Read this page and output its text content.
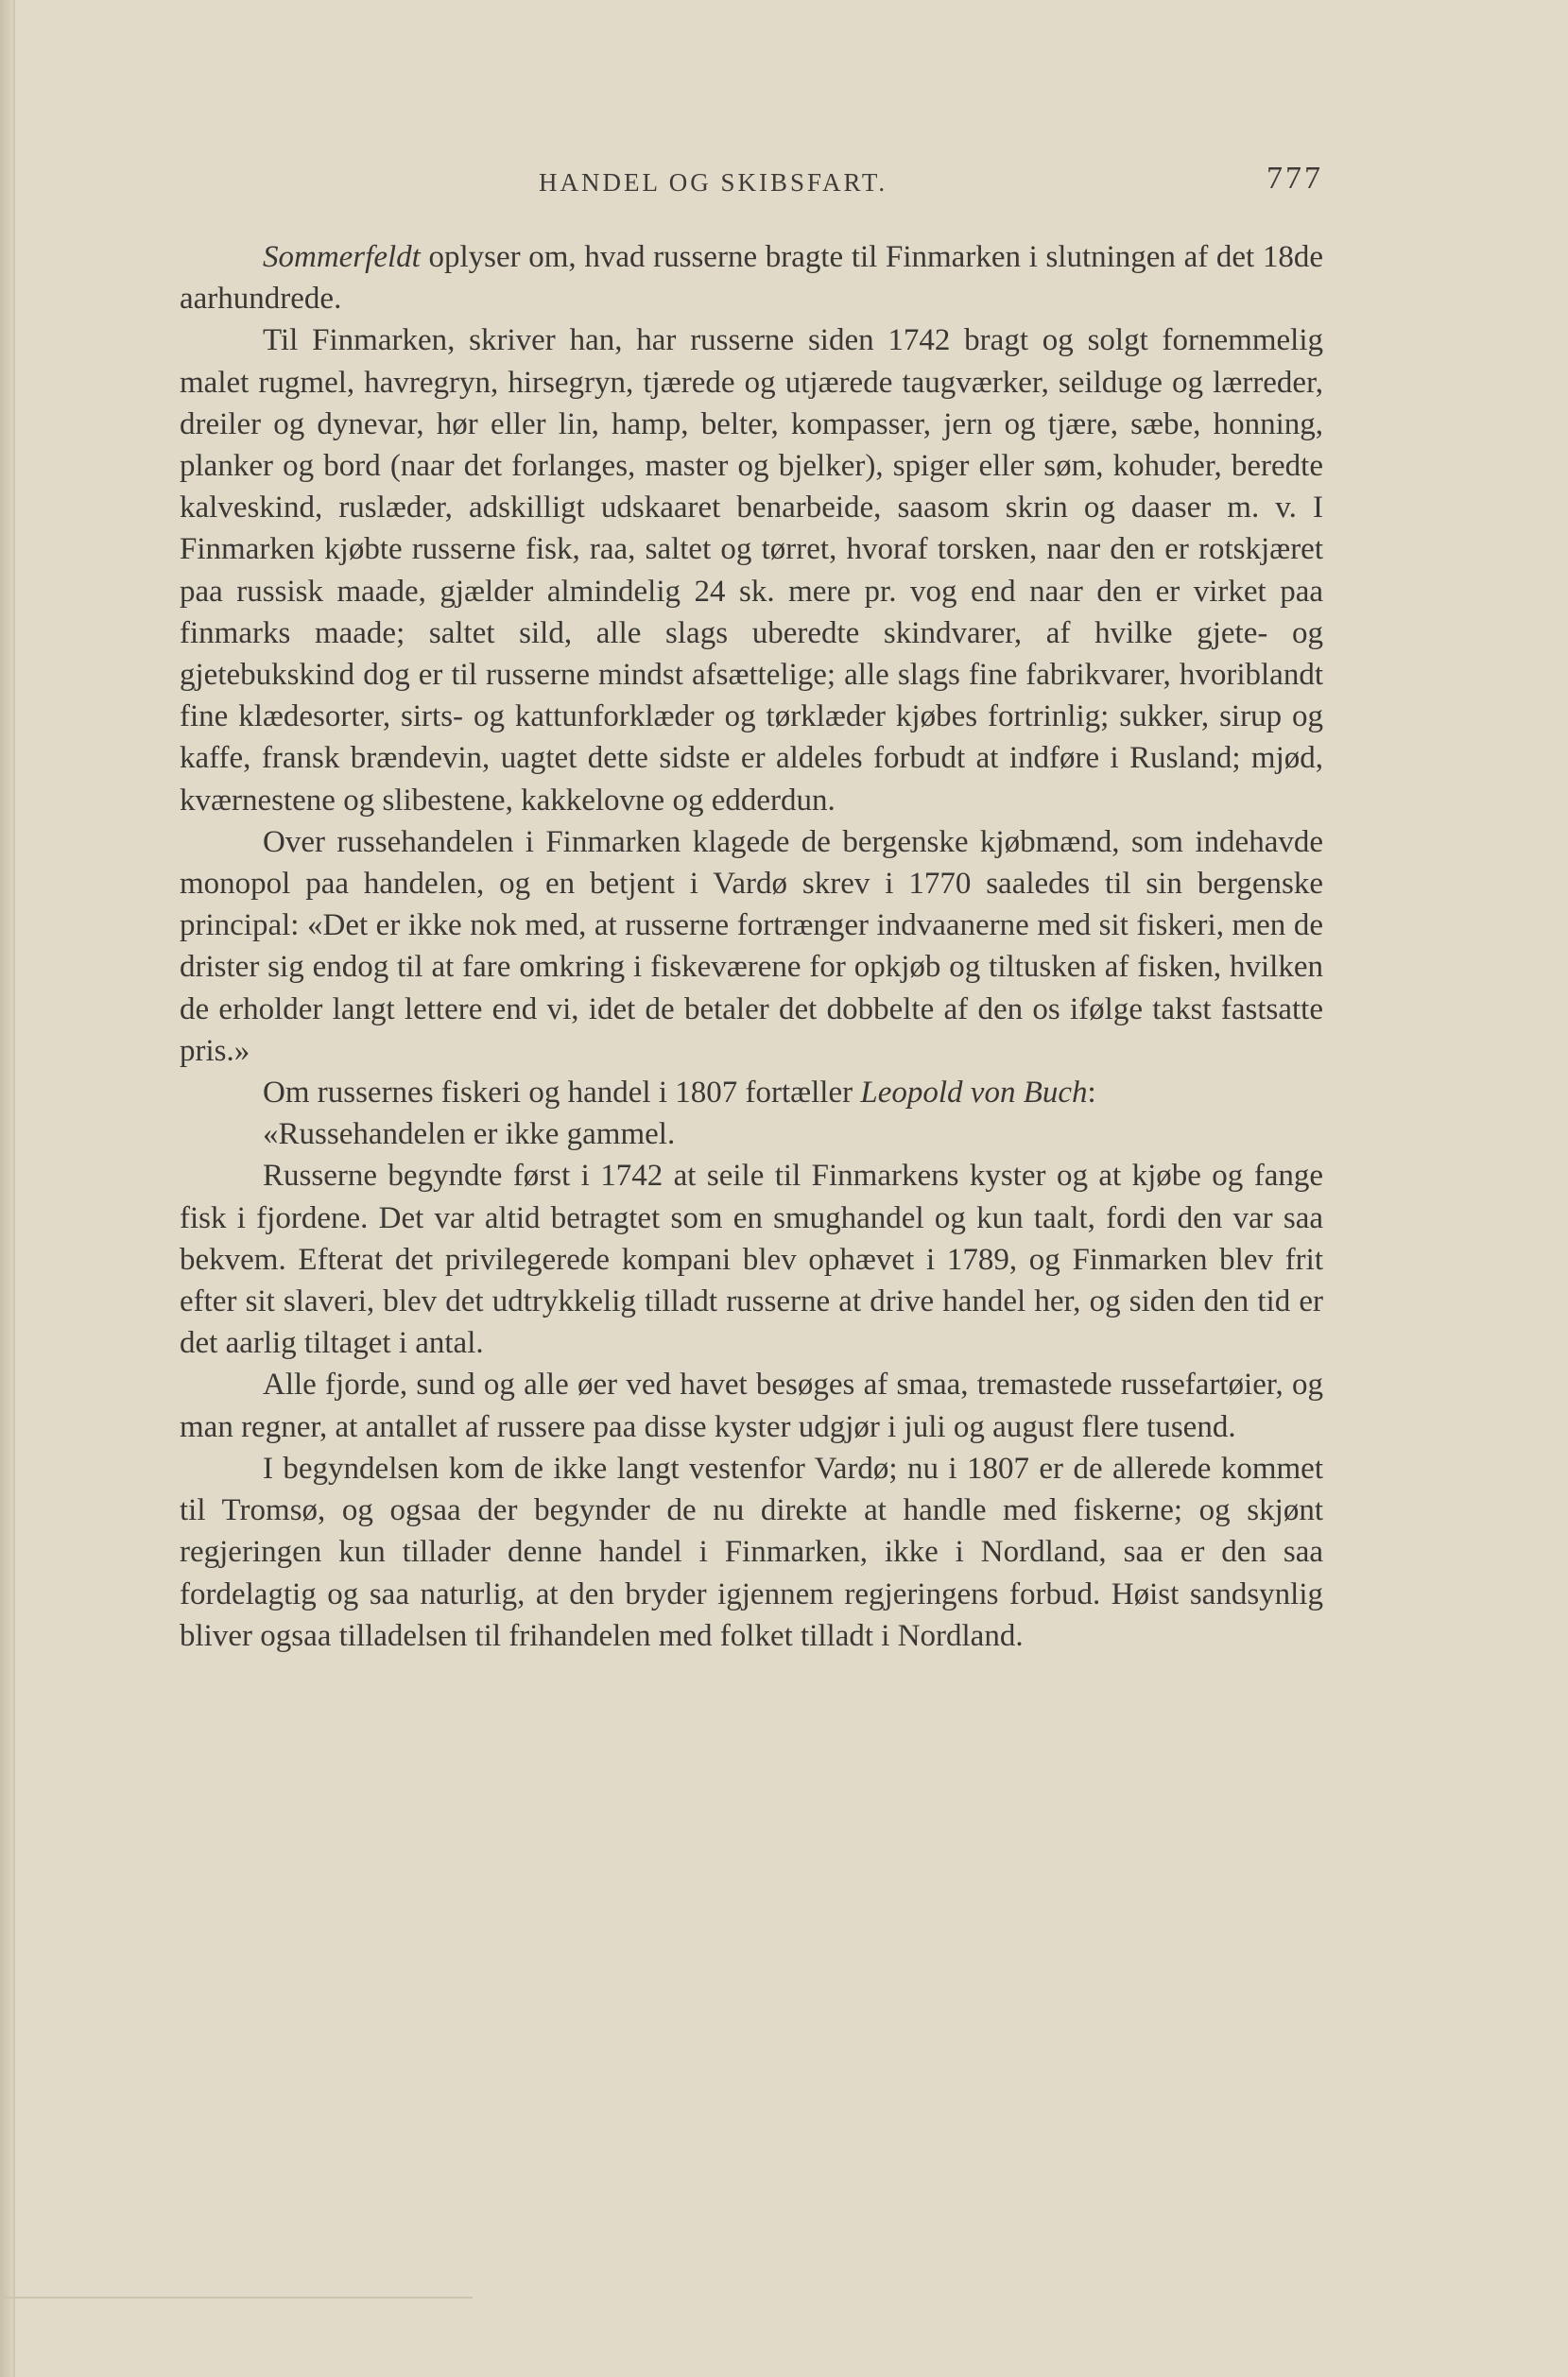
HANDEL OG SKIBSFART.	777

Sommerfeldt oplyser om, hvad russerne bragte til Finmarken i slutningen af det 18de aarhundrede.

Til Finmarken, skriver han, har russerne siden 1742 bragt og solgt fornemmelig malet rugmel, havregryn, hirsegryn, tjærede og utjærede taugværker, seilduge og lærreder, dreiler og dynevar, hør eller lin, hamp, belter, kompasser, jern og tjære, sæbe, honning, planker og bord (naar det forlanges, master og bjelker), spiger eller søm, kohuder, beredte kalveskind, ruslæder, adskilligt udskaaret benarbeide, saasom skrin og daaser m. v. I Finmarken kjøbte russerne fisk, raa, saltet og tørret, hvoraf torsken, naar den er rotskjæret paa russisk maade, gjælder almindelig 24 sk. mere pr. vog end naar den er virket paa finmarks maade; saltet sild, alle slags uberedte skindvarer, af hvilke gjete- og gjetebukskind dog er til russerne mindst afsættelige; alle slags fine fabrikvarer, hvoriblandt fine klædesorter, sirts- og kattunforklæder og tørklæder kjøbes fortrinlig; sukker, sirup og kaffe, fransk brændevin, uagtet dette sidste er aldeles forbudt at indføre i Rusland; mjød, kværnestene og slibestene, kakkelovne og edderdun.

Over russehandelen i Finmarken klagede de bergenske kjøbmænd, som indehavde monopol paa handelen, og en betjent i Vardø skrev i 1770 saaledes til sin bergenske principal: «Det er ikke nok med, at russerne fortrænger indvaanerne med sit fiskeri, men de drister sig endog til at fare omkring i fiskeværene for opkjøb og tiltusken af fisken, hvilken de erholder langt lettere end vi, idet de betaler det dobbelte af den os ifølge takst fastsatte pris.»

Om russernes fiskeri og handel i 1807 fortæller Leopold von Buch:

«Russehandelen er ikke gammel.

Russerne begyndte først i 1742 at seile til Finmarkens kyster og at kjøbe og fange fisk i fjordene. Det var altid betragtet som en smughandel og kun taalt, fordi den var saa bekvem. Efterat det privilegerede kompani blev ophævet i 1789, og Finmarken blev frit efter sit slaveri, blev det udtrykkelig tilladt russerne at drive handel her, og siden den tid er det aarlig tiltaget i antal.

Alle fjorde, sund og alle øer ved havet besøges af smaa, tremastede russefartøier, og man regner, at antallet af russere paa disse kyster udgjør i juli og august flere tusend.

I begyndelsen kom de ikke langt vestenfor Vardø; nu i 1807 er de allerede kommet til Tromsø, og ogsaa der begynder de nu direkte at handle med fiskerne; og skjønt regjeringen kun tillader denne handel i Finmarken, ikke i Nordland, saa er den saa fordelagtig og saa naturlig, at den bryder igjennem regjeringens forbud. Høist sandsynlig bliver ogsaa tilladelsen til frihandelen med folket tilladt i Nordland.
